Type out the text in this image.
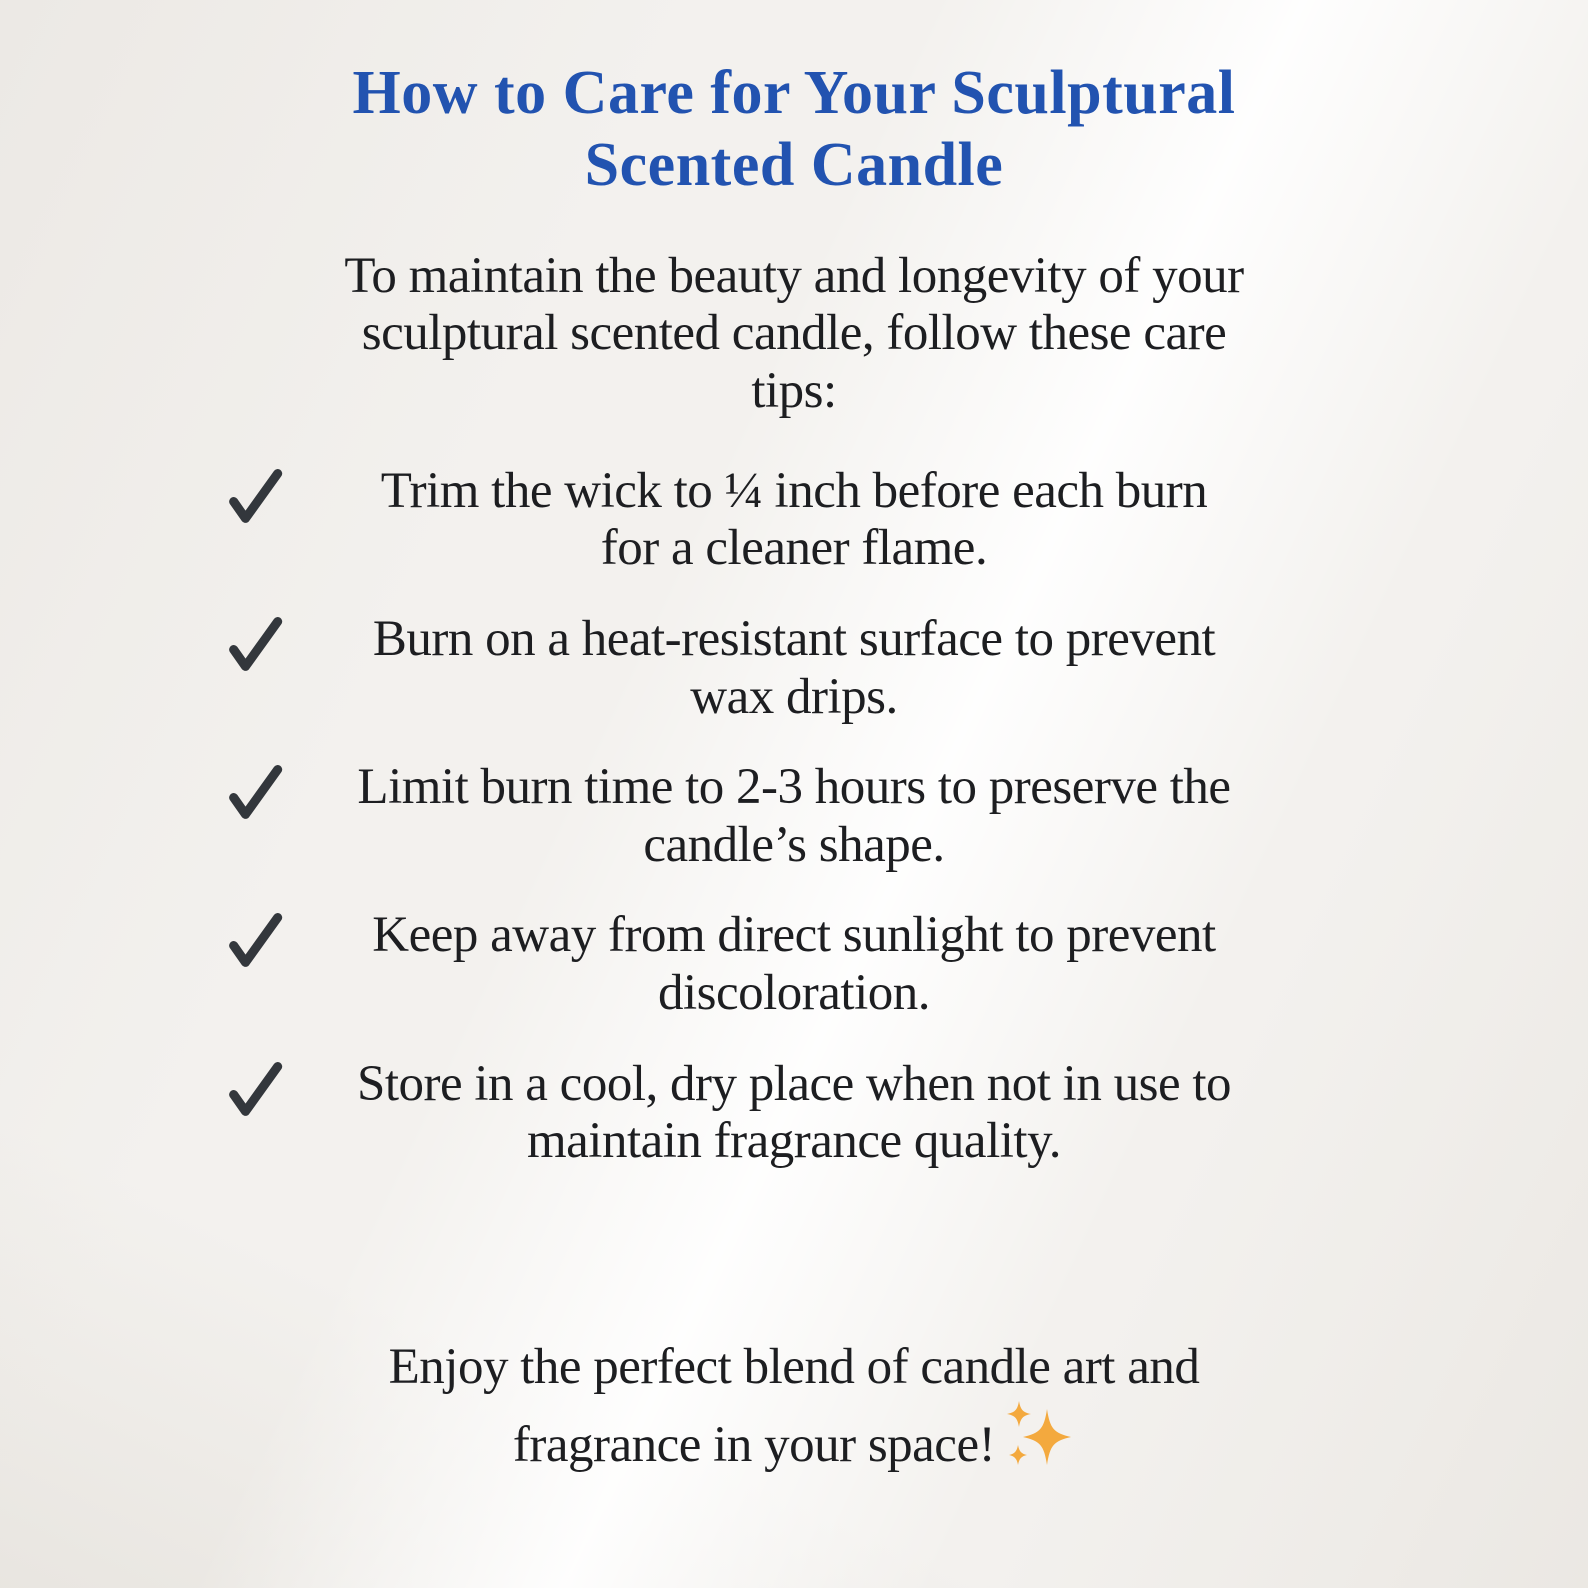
How to Care for Your Sculptural
Scented Candle

To maintain the beauty and longevity of your
sculptural scented candle, follow these care
tips:

Trim the wick to ¼ inch before each burn
for a cleaner flame.
Burn on a heat-resistant surface to prevent
wax drips.
Limit burn time to 2-3 hours to preserve the
candle’s shape.
Keep away from direct sunlight to prevent
discoloration.
Store in a cool, dry place when not in use to
maintain fragrance quality.

Enjoy the perfect blend of candle art and
fragrance in your space!
